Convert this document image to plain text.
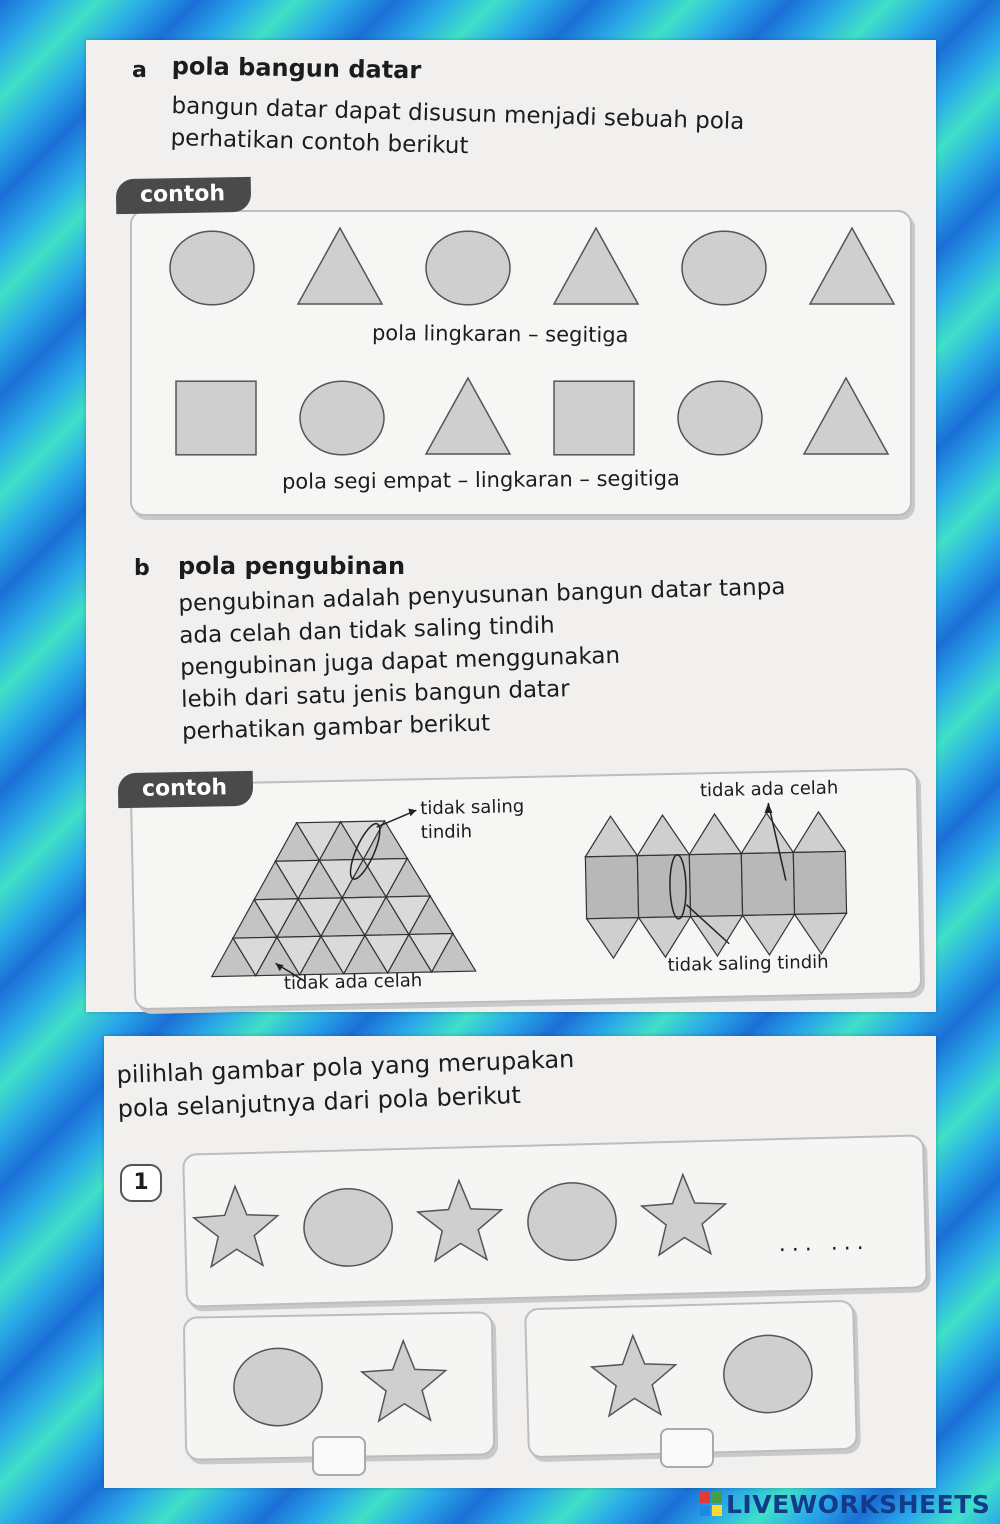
a pola bangun datar
bangun datar dapat disusun menjadi sebuah pola
perhatikan contoh berikut
contoh
pola lingkaran – segitiga
pola segi empat – lingkaran – segitiga
b pola pengubinan
pengubinan adalah penyusunan bangun datar tanpa
ada celah dan tidak saling tindih
pengubinan juga dapat menggunakan
lebih dari satu jenis bangun datar
perhatikan gambar berikut
contoh
tidak saling
tindih
tidak ada celah
tidak ada celah
tidak saling tindih
pilihlah gambar pola yang merupakan
pola selanjutnya dari pola berikut
1
... ...
LIVEWORKSHEETS
